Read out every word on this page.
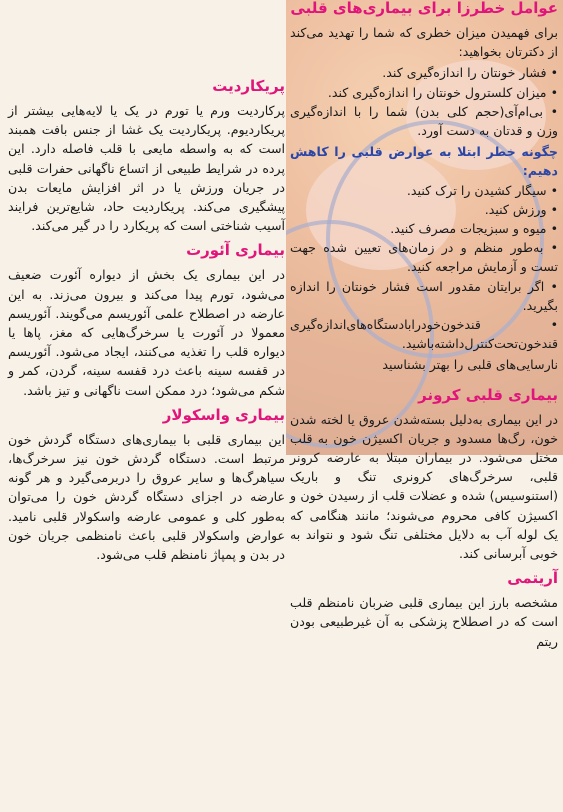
پریکاردیت

پرکاردیت ورم یا تورم در یک یا لایه‌هایی بیشتر از پریکاردیوم. پریکاردیت یک غشا از جنس بافت همبند است که به واسطه مایعی با قلب فاصله دارد. این پرده در شرایط طبیعی از اتساع ناگهانی حفرات قلبی در جریان ورزش یا در اثر افزایش مایعات بدن پیشگیری می‌کند. پریکاردیت حاد، شایع‌ترین فرایند آسیب شناختی است که پریکارد را در گیر می‌کند.

بیماری آئورت

در این بیماری یک بخش از دیواره آئورت ضعیف می‌شود، تورم پیدا می‌کند و بیرون می‌زند. به این عارضه در اصطلاح علمی آئوریسم می‌گویند. آئوریسم معمولا در آئورت یا سرخرگ‌هایی که مغز، پاها یا دیواره قلب را تغذیه می‌کنند، ایجاد می‌شود. آئوریسم در قفسه سینه باعث درد قفسه سینه، گردن، کمر و شکم می‌شود؛ درد ممکن است ناگهانی و تیز باشد.

بیماری واسکولار

این بیماری قلبی با بیماری‌های دستگاه گردش خون مرتبط است. دستگاه گردش خون نیز سرخرگ‌ها، سیاهرگ‌ها و سایر عروق را دربرمی‌گیرد و هر گونه عارضه در اجزای دستگاه گردش خون را می‌توان به‌طور کلی و عمومی عارضه واسکولار قلبی نامید. عوارض واسکولار قلبی باعث نامنظمی جریان خون در بدن و پمپاژ نامنظم قلب می‌شود.

عوامل خطرزا برای بیماری‌های قلبی

برای فهمیدن میزان خطری که شما را تهدید می‌کند از دکترتان بخواهید:

• فشار خونتان را اندازه‌گیری کند.
• میزان کلسترول خونتان را اندازه‌گیری کند.
• بی‌ام‌آی(حجم کلی بدن) شما را با اندازه‌گیری وزن و قدتان به دست آورد.
چگونه خطر ابتلا به عوارض قلبی را کاهش دهیم:
• سیگار کشیدن را ترک کنید.
• ورزش کنید.
• میوه و سبزیجات مصرف کنید.
• به‌طور منظم و در زمان‌های تعیین شده جهت تست و آزمایش مراجعه کنید.
• اگر برایتان مقدور است فشار خونتان را اندازه بگیرید.
• قندخون‌خودرابادستگاه‌های‌اندازه‌گیری قندخون‌تحت‌کنترل‌داشته‌باشید.
نارسایی‌های قلبی را بهتر بشناسید
بیماری قلبی کرونر

در این بیماری به‌دلیل بسته‌شدن عروق یا لخته شدن خون، رگ‌ها مسدود و جریان اکسیژن خون به قلب مختل می‌شود. در بیماران مبتلا به عارضه کرونر قلبی، سرخرگ‌های کرونری تنگ و باریک (استنوسیس) شده و عضلات قلب از رسیدن خون و اکسیژن کافی محروم می‌شوند؛ مانند هنگامی که یک لوله آب به دلایل مختلفی تنگ شود و نتواند به خوبی آبرسانی کند.

آریتمی

مشخصه بارز این بیماری قلبی ضربان نامنظم قلب است که در اصطلاح پزشکی به آن غیرطبیعی بودن ریتم
